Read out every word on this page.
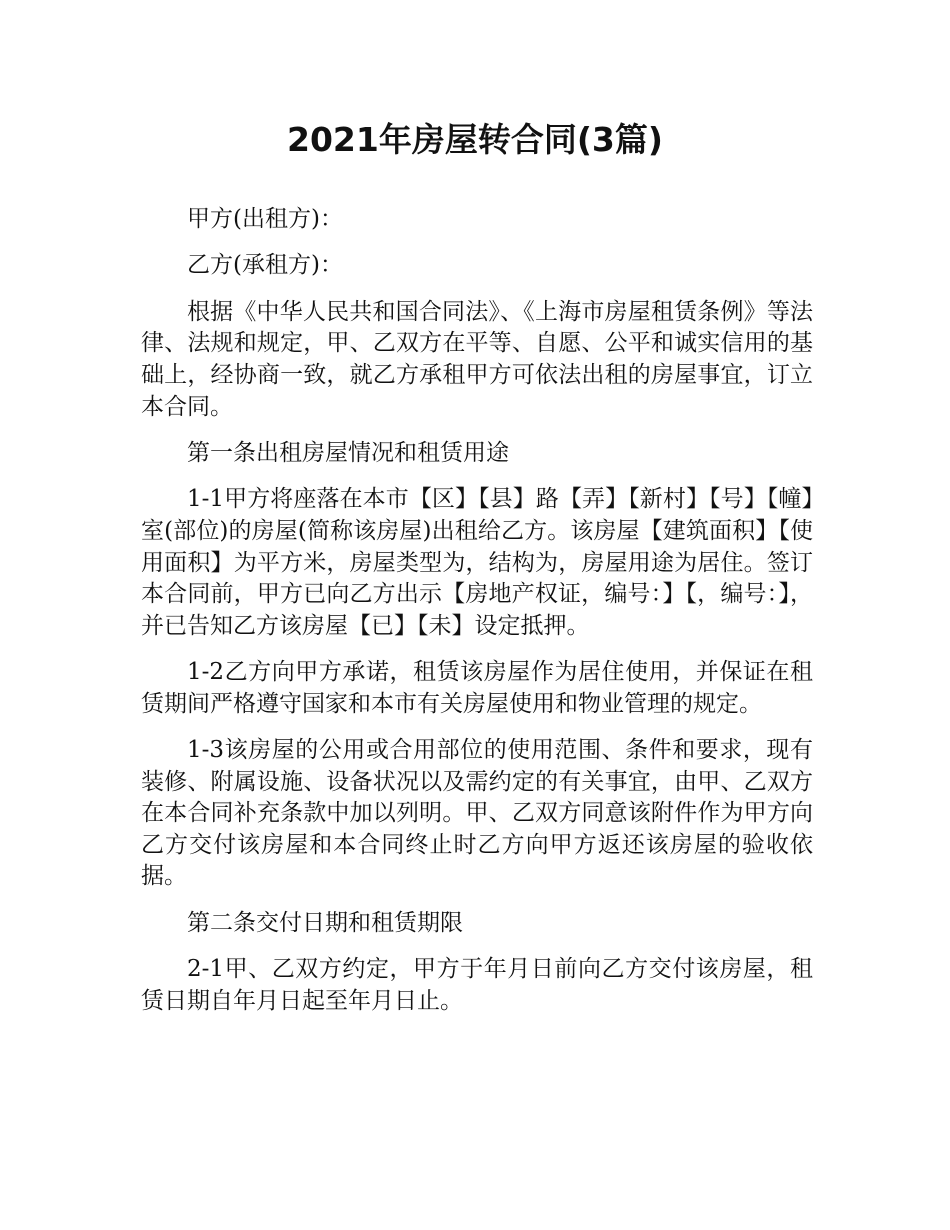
2021年房屋转合同(3篇)

甲方(出租方)：

乙方(承租方)：

根据《中华人民共和国合同法》、《上海市房屋租赁条例》等法律、法规和规定，甲、乙双方在平等、自愿、公平和诚实信用的基础上，经协商一致，就乙方承租甲方可依法出租的房屋事宜，订立本合同。

第一条出租房屋情况和租赁用途

1-1甲方将座落在本市【区】【县】路【弄】【新村】【号】【幢】室(部位)的房屋(简称该房屋)出租给乙方。该房屋【建筑面积】【使用面积】为平方米，房屋类型为，结构为，房屋用途为居住。签订本合同前，甲方已向乙方出示【房地产权证，编号：】【，编号：】，并已告知乙方该房屋【已】【未】设定抵押。

1-2乙方向甲方承诺，租赁该房屋作为居住使用，并保证在租赁期间严格遵守国家和本市有关房屋使用和物业管理的规定。

1-3该房屋的公用或合用部位的使用范围、条件和要求，现有装修、附属设施、设备状况以及需约定的有关事宜，由甲、乙双方在本合同补充条款中加以列明。甲、乙双方同意该附件作为甲方向乙方交付该房屋和本合同终止时乙方向甲方返还该房屋的验收依据。

第二条交付日期和租赁期限

2-1甲、乙双方约定，甲方于年月日前向乙方交付该房屋，租赁日期自年月日起至年月日止。
